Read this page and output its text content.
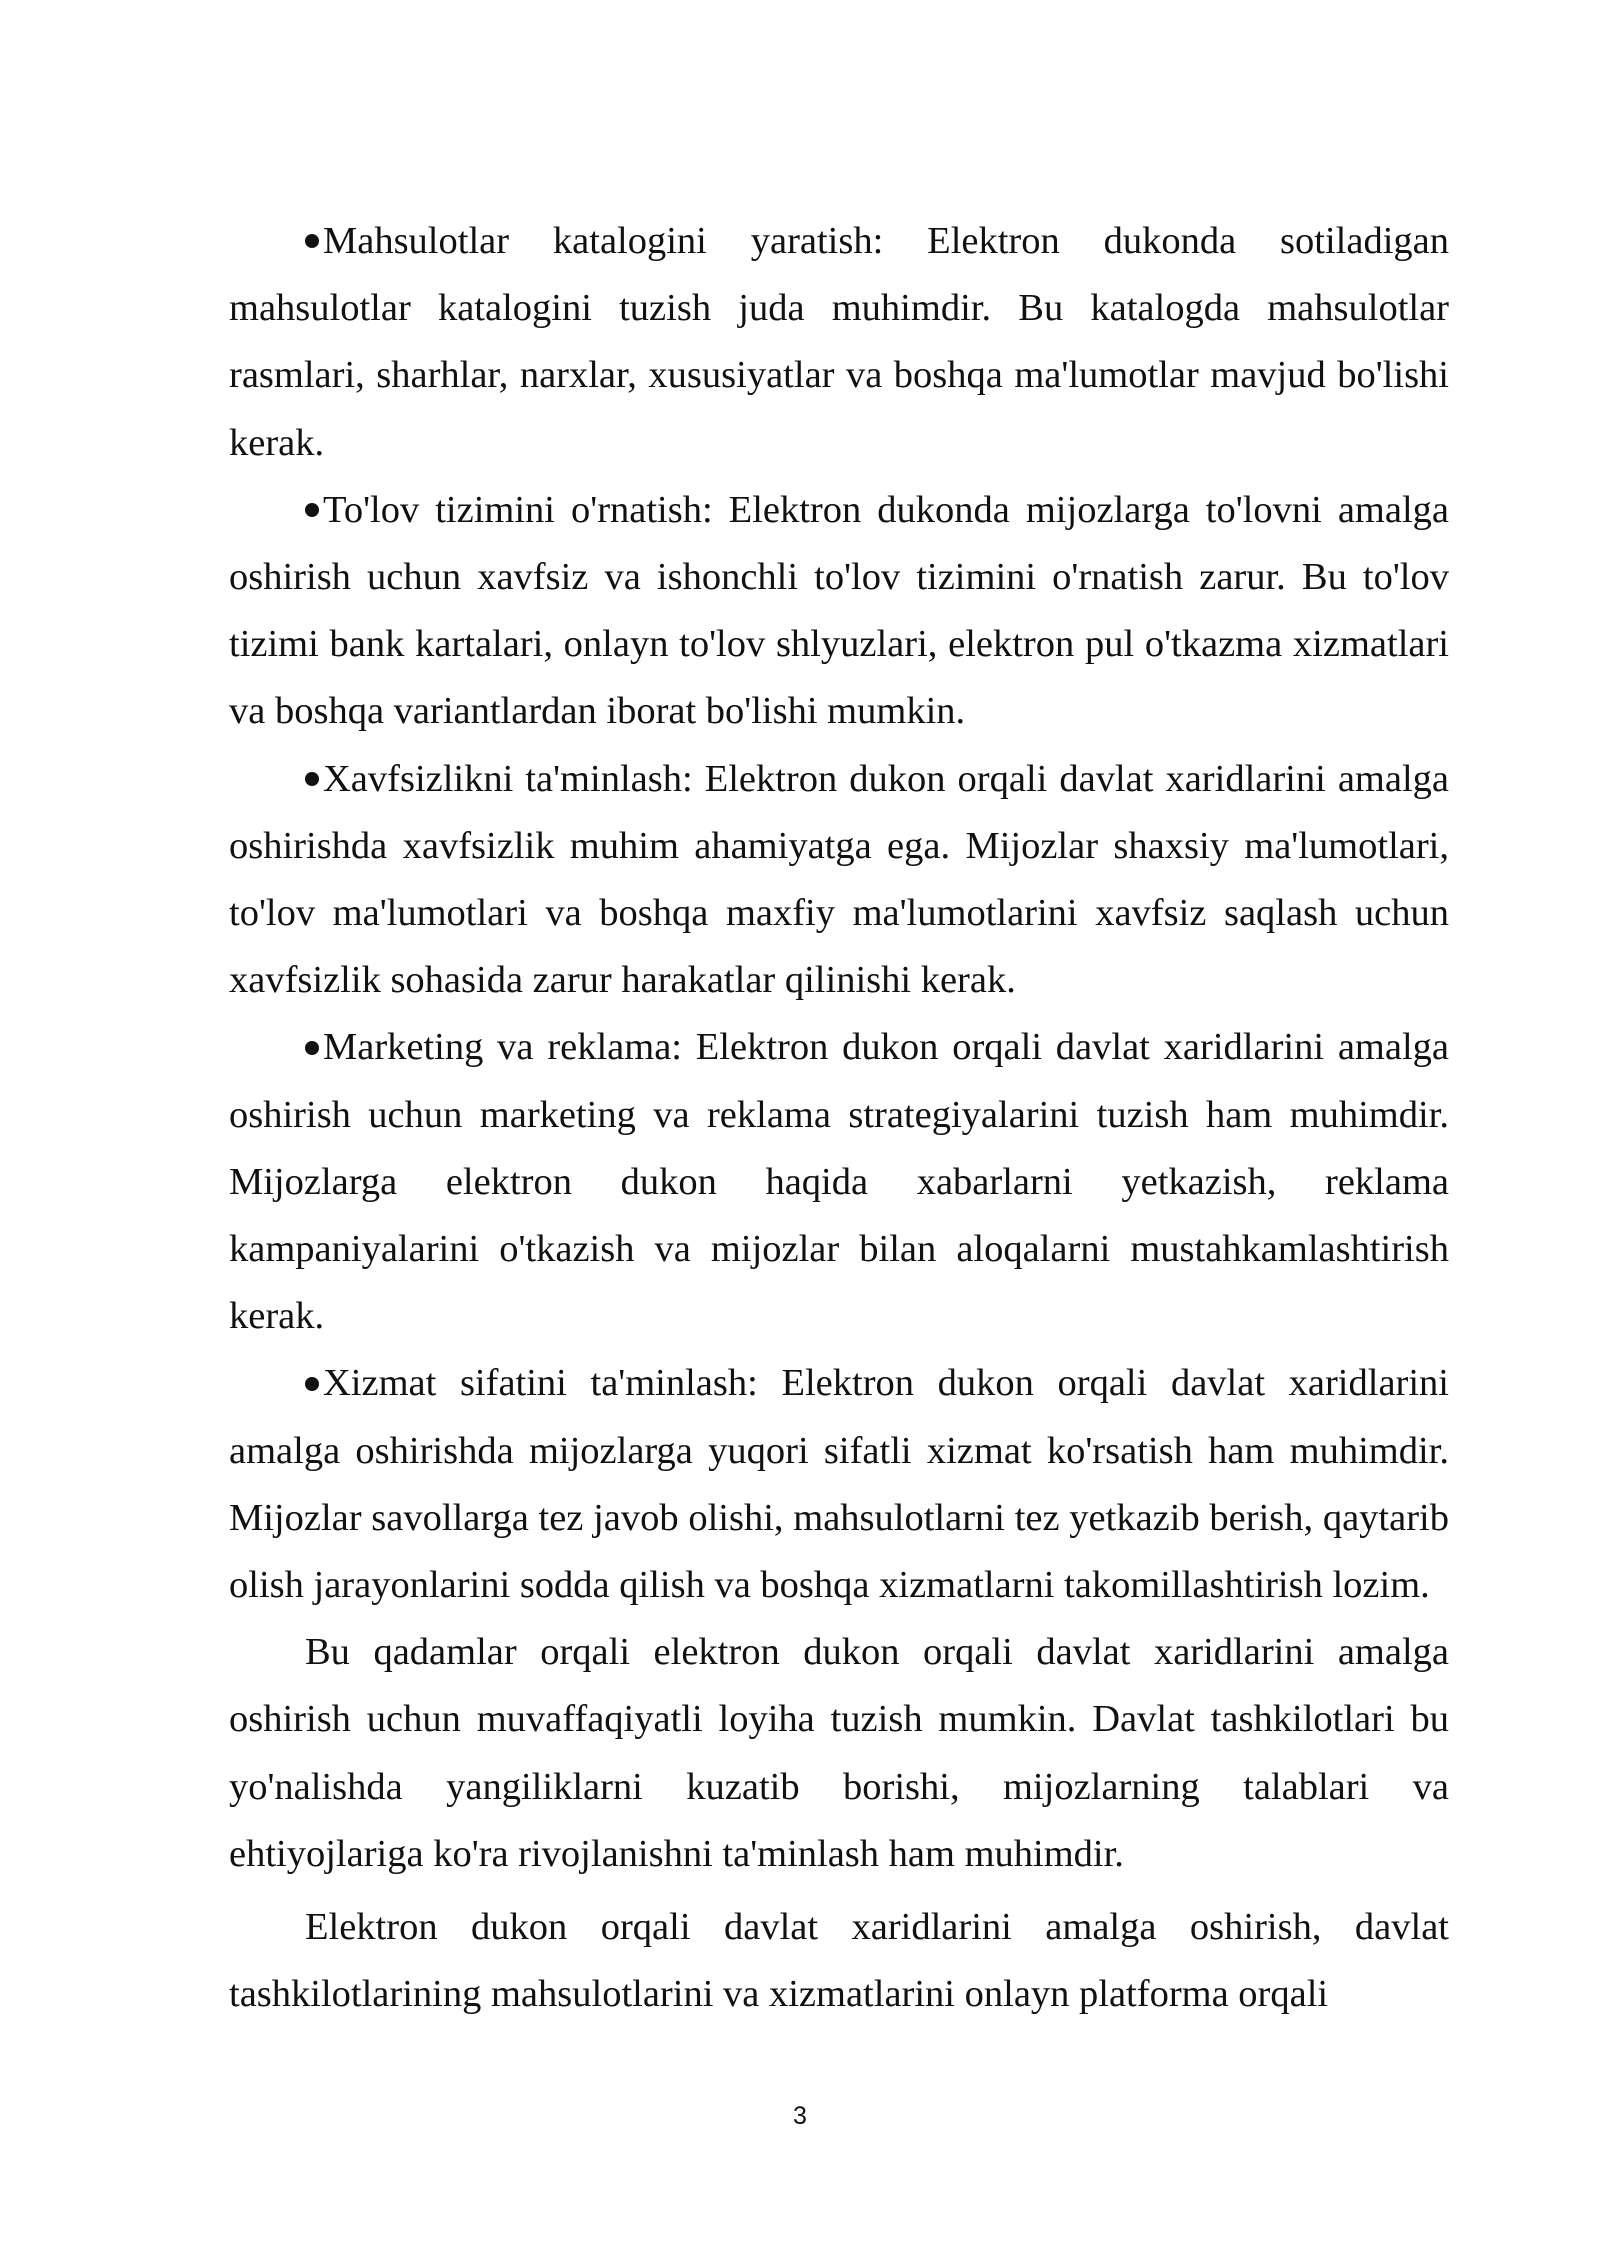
Mahsulotlar katalogini yaratish: Elektron dukonda sotiladigan mahsulotlar katalogini tuzish juda muhimdir. Bu katalogda mahsulotlar rasmlari, sharhlar, narxlar, xususiyatlar va boshqa ma'lumotlar mavjud bo'lishi kerak.

To'lov tizimini o'rnatish: Elektron dukonda mijozlarga to'lovni amalga oshirish uchun xavfsiz va ishonchli to'lov tizimini o'rnatish zarur. Bu to'lov tizimi bank kartalari, onlayn to'lov shlyuzlari, elektron pul o'tkazma xizmatlari va boshqa variantlardan iborat bo'lishi mumkin.

Xavfsizlikni ta'minlash: Elektron dukon orqali davlat xaridlarini amalga oshirishda xavfsizlik muhim ahamiyatga ega. Mijozlar shaxsiy ma'lumotlari, to'lov ma'lumotlari va boshqa maxfiy ma'lumotlarini xavfsiz saqlash uchun xavfsizlik sohasida zarur harakatlar qilinishi kerak.

Marketing va reklama: Elektron dukon orqali davlat xaridlarini amalga oshirish uchun marketing va reklama strategiyalarini tuzish ham muhimdir. Mijozlarga elektron dukon haqida xabarlarni yetkazish, reklama kampaniyalarini o'tkazish va mijozlar bilan aloqalarni mustahkamlashtirish kerak.

Xizmat sifatini ta'minlash: Elektron dukon orqali davlat xaridlarini amalga oshirishda mijozlarga yuqori sifatli xizmat ko'rsatish ham muhimdir. Mijozlar savollarga tez javob olishi, mahsulotlarni tez yetkazib berish, qaytarib olish jarayonlarini sodda qilish va boshqa xizmatlarni takomillashtirish lozim.

Bu qadamlar orqali elektron dukon orqali davlat xaridlarini amalga oshirish uchun muvaffaqiyatli loyiha tuzish mumkin. Davlat tashkilotlari bu yo'nalishda yangiliklarni kuzatib borishi, mijozlarning talablari va ehtiyojlariga ko'ra rivojlanishni ta'minlash ham muhimdir.

Elektron dukon orqali davlat xaridlarini amalga oshirish, davlat tashkilotlarining mahsulotlarini va xizmatlarini onlayn platforma orqali

3
